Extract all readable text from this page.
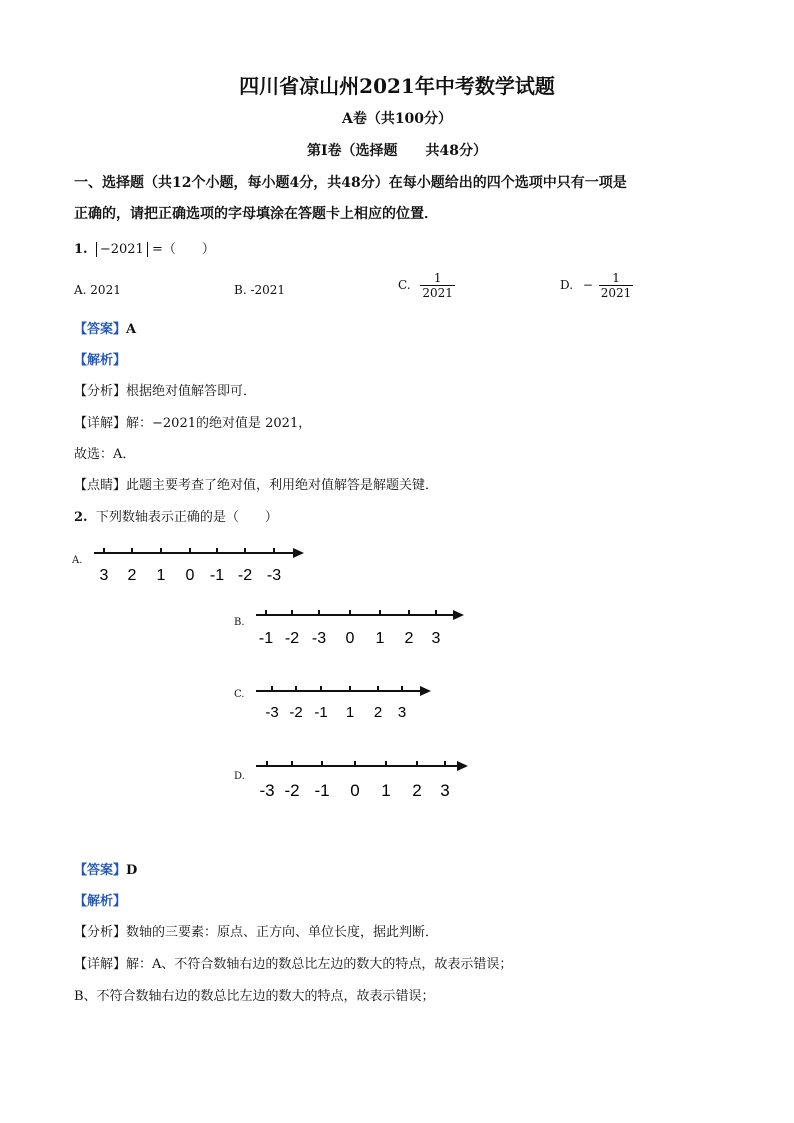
四川省凉山州2021年中考数学试题
A卷（共100分）
第Ⅰ卷（选择题　　共48分）
一、选择题（共12个小题，每小题4分，共48分）在每小题给出的四个选项中只有一项是
正确的，请把正确选项的字母填涂在答题卡上相应的位置．
1. −2021 =（　　）
A. 2021	B. -2021	C. $\frac{1}{2021}$	D. − $\frac{1}{2021}$
【答案】A
【解析】
【分析】根据绝对值解答即可．
【详解】解：−2021的绝对值是 2021，
故选：A．
【点睛】此题主要考查了绝对值，利用绝对值解答是解题关键．
2. 下列数轴表示正确的是（　　）
A.
3 2 1 0 -1 -2 -3
B.
-1 -2 -3 0 1 2 3
C.
-3 -2 -1 1 2 3
D.
-3 -2 -1 0 1 2 3
【答案】D
【解析】
【分析】数轴的三要素：原点、正方向、单位长度，据此判断．
【详解】解：A、不符合数轴右边的数总比左边的数大的特点，故表示错误；
B、不符合数轴右边的数总比左边的数大的特点，故表示错误；
